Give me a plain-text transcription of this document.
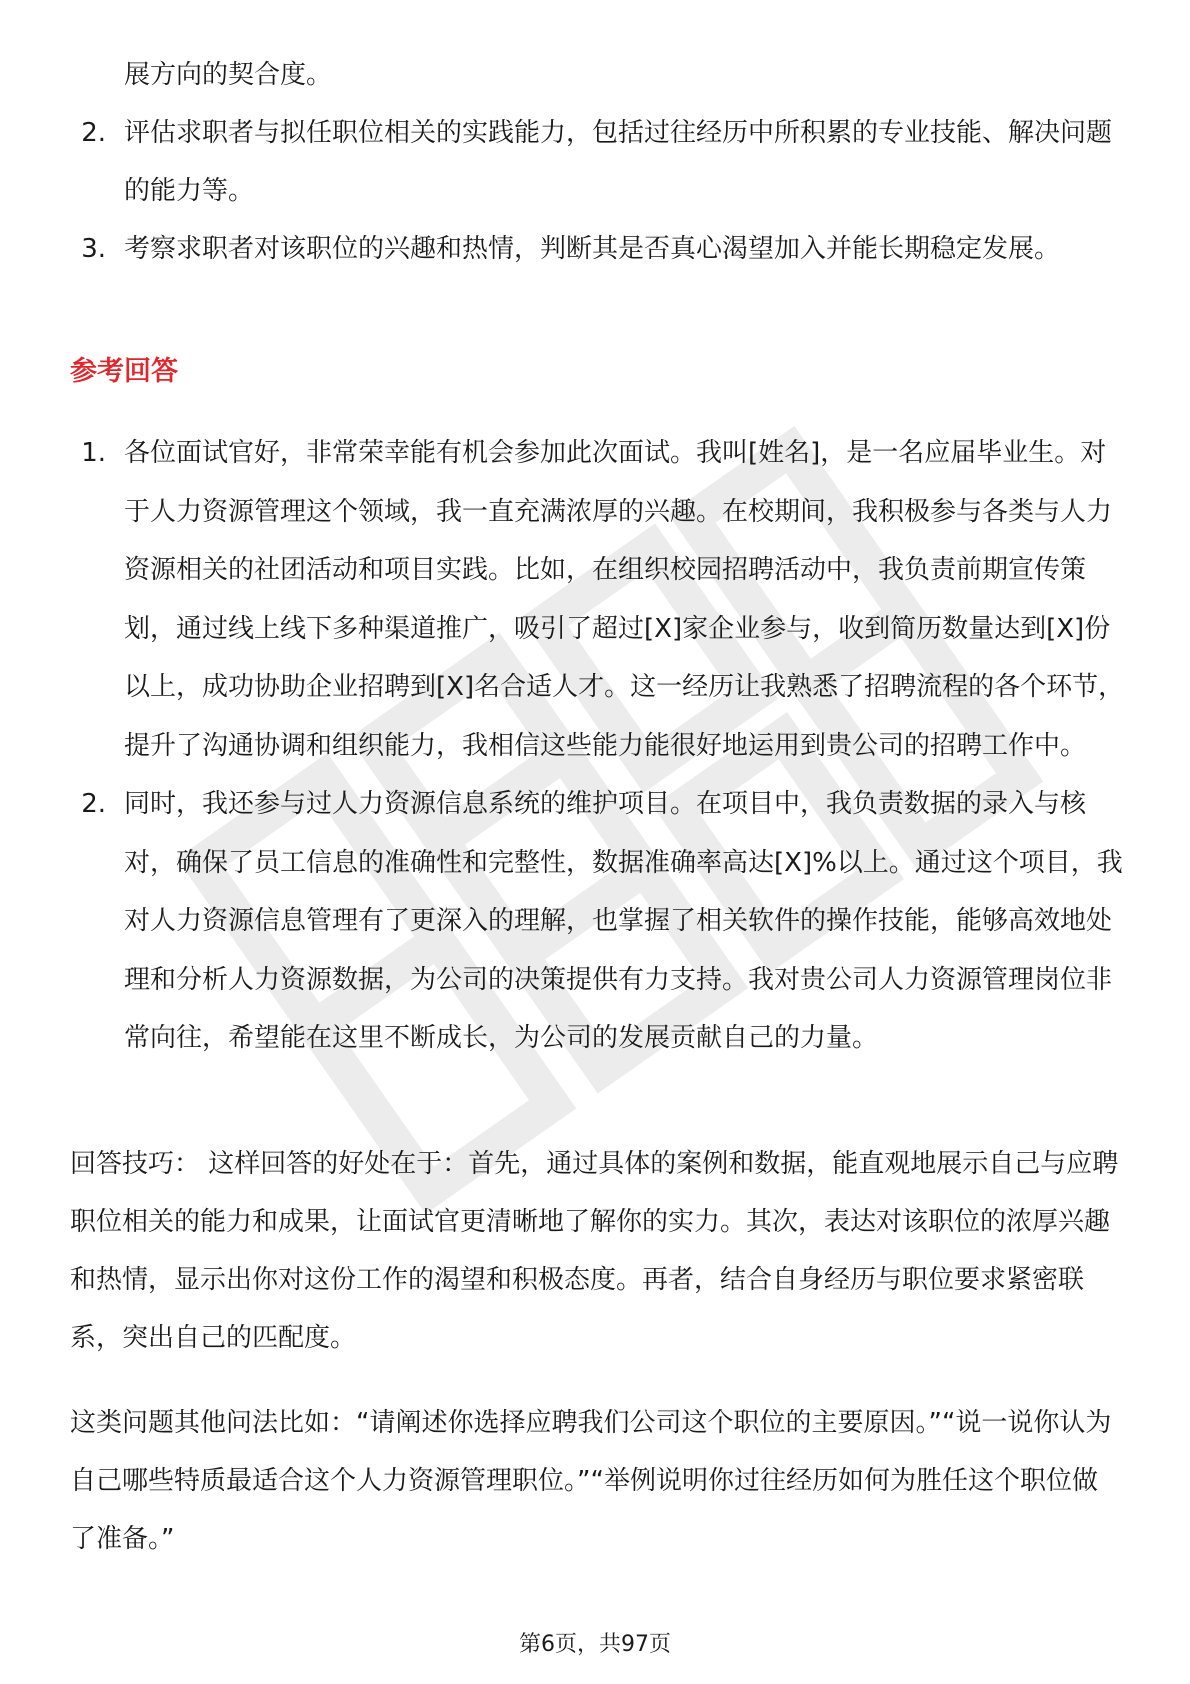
展方向的契合度。
2. 评估求职者与拟任职位相关的实践能力，包括过往经历中所积累的专业技能、解决问题的能力等。
3. 考察求职者对该职位的兴趣和热情，判断其是否真心渴望加入并能长期稳定发展。
参考回答
1. 各位面试官好，非常荣幸能有机会参加此次面试。我叫[姓名]，是一名应届毕业生。对于人力资源管理这个领域，我一直充满浓厚的兴趣。在校期间，我积极参与各类与人力资源相关的社团活动和项目实践。比如，在组织校园招聘活动中，我负责前期宣传策划，通过线上线下多种渠道推广，吸引了超过[X]家企业参与，收到简历数量达到[X]份以上，成功协助企业招聘到[X]名合适人才。这一经历让我熟悉了招聘流程的各个环节，提升了沟通协调和组织能力，我相信这些能力能很好地运用到贵公司的招聘工作中。
2. 同时，我还参与过人力资源信息系统的维护项目。在项目中，我负责数据的录入与核对，确保了员工信息的准确性和完整性，数据准确率高达[X]%以上。通过这个项目，我对人力资源信息管理有了更深入的理解，也掌握了相关软件的操作技能，能够高效地处理和分析人力资源数据，为公司的决策提供有力支持。我对贵公司人力资源管理岗位非常向往，希望能在这里不断成长，为公司的发展贡献自己的力量。
回答技巧： 这样回答的好处在于：首先，通过具体的案例和数据，能直观地展示自己与应聘职位相关的能力和成果，让面试官更清晰地了解你的实力。其次，表达对该职位的浓厚兴趣和热情，显示出你对这份工作的渴望和积极态度。再者，结合自身经历与职位要求紧密联系，突出自己的匹配度。
这类问题其他问法比如：“请阐述你选择应聘我们公司这个职位的主要原因。”“说一说你认为自己哪些特质最适合这个人力资源管理职位。”“举例说明你过往经历如何为胜任这个职位做了准备。”
第6页，共97页
